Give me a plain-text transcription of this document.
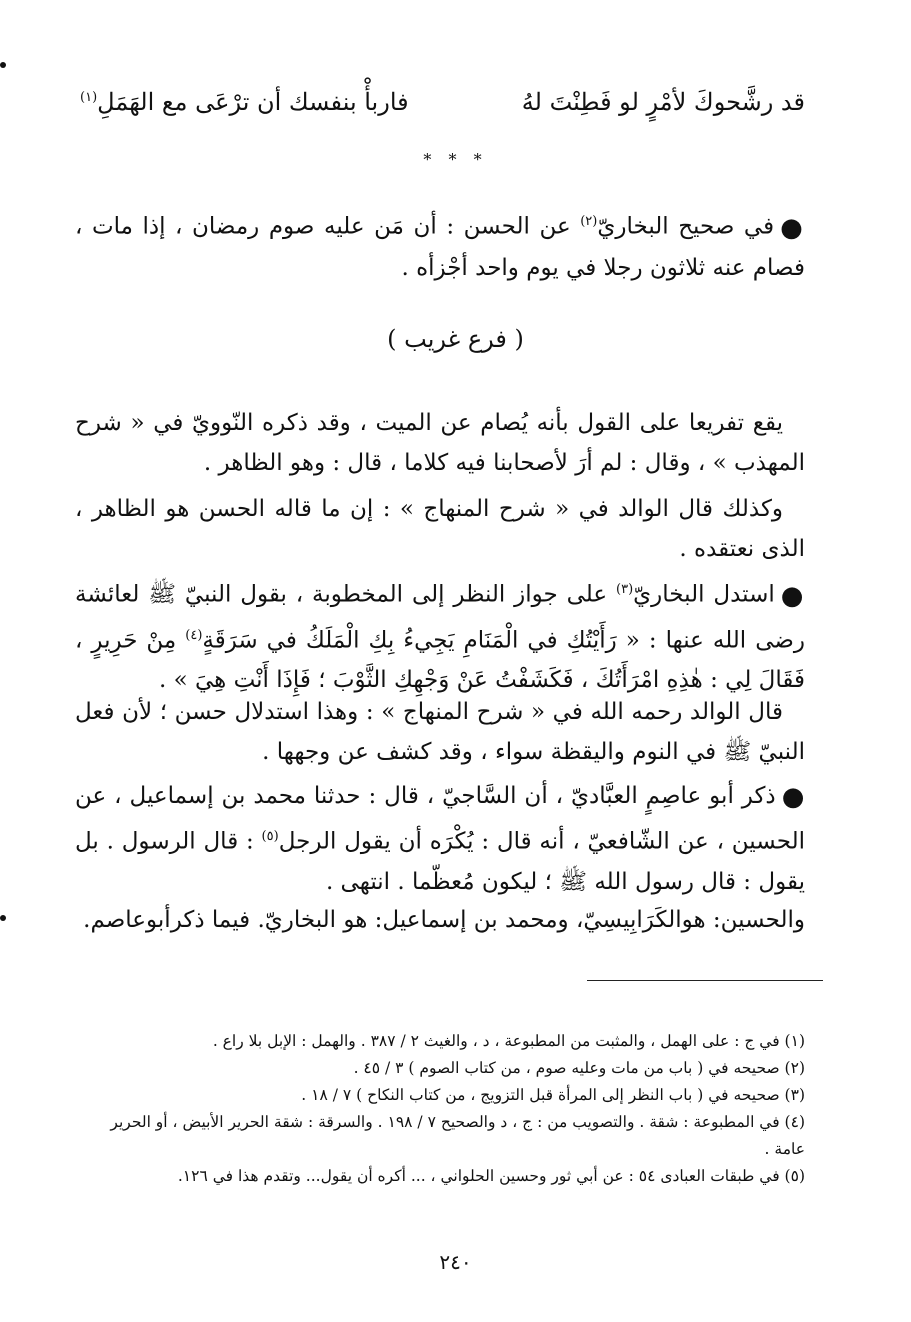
قد رشَّحوكَ لأمْرٍ لو فَطِنْتَ لهُ
فاربأْ بنفسك أن ترْعَى مع الهَمَلِ$^{(١)}$
* * *
●في صحيح البخاريّ$^{(٢)}$ عن الحسن : أن مَن عليه صوم رمضان ، إذا مات ، فصام عنه ثلاثون رجلا في يوم واحد أجْزأه .
( فرع غريب )
يقع تفريعا على القول بأنه يُصام عن الميت ، وقد ذكره النّوويّ في « شرح المهذب » ، وقال : لم أرَ لأصحابنا فيه كلاما ، قال : وهو الظاهر .
وكذلك قال الوالد في « شرح المنهاج » : إن ما قاله الحسن هو الظاهر ، الذى نعتقده .
●استدل البخاريّ$^{(٣)}$ على جواز النظر إلى المخطوبة ، بقول النبيّ ﷺ لعائشة رضى الله عنها : « رَأَيْتُكِ في الْمَنَامِ يَجِيءُ بِكِ الْمَلَكُ في سَرَقَةٍ$^{(٤)}$ مِنْ حَرِيرٍ ، فَقَالَ لِي : هٰذِهِ امْرَأَتُكَ ، فَكَشَفْتُ عَنْ وَجْهِكِ الثَّوْبَ ؛ فَإِذَا أَنْتِ هِيَ » .
قال الوالد رحمه الله في « شرح المنهاج » : وهذا استدلال حسن ؛ لأن فعل النبيّ ﷺ في النوم واليقظة سواء ، وقد كشف عن وجهها .
●ذكر أبو عاصِمٍ العبَّاديّ ، أن السَّاجيّ ، قال : حدثنا محمد بن إسماعيل ، عن الحسين ، عن الشّافعيّ ، أنه قال : يُكْرَه أن يقول الرجل$^{(٥)}$ : قال الرسول . بل يقول : قال رسول الله ﷺ ؛ ليكون مُعظّما . انتهى .
والحسين: هوالكَرَابِيسِيّ، ومحمد بن إسماعيل: هو البخاريّ. فيما ذكرأبوعاصم.

(١) في ج : على الهمل ، والمثبت من المطبوعة ، د ، والغيث ٢ / ٣٨٧ . والهمل : الإبل بلا راع .

(٢) صحيحه في ( باب من مات وعليه صوم ، من كتاب الصوم ) ٣ / ٤٥ .

(٣) صحيحه في ( باب النظر إلى المرأة قبل التزويج ، من كتاب النكاح ) ٧ / ١٨ .

(٤) في المطبوعة : شقة . والتصويب من : ج ، د والصحيح ٧ / ١٩٨ . والسرقة : شقة الحرير الأبيض ، أو الحرير عامة .

(٥) في طبقات العبادى ٥٤ : عن أبي ثور وحسين الحلواني ، ... أكره أن يقول... وتقدم هذا في ١٢٦.

٢٤٠
